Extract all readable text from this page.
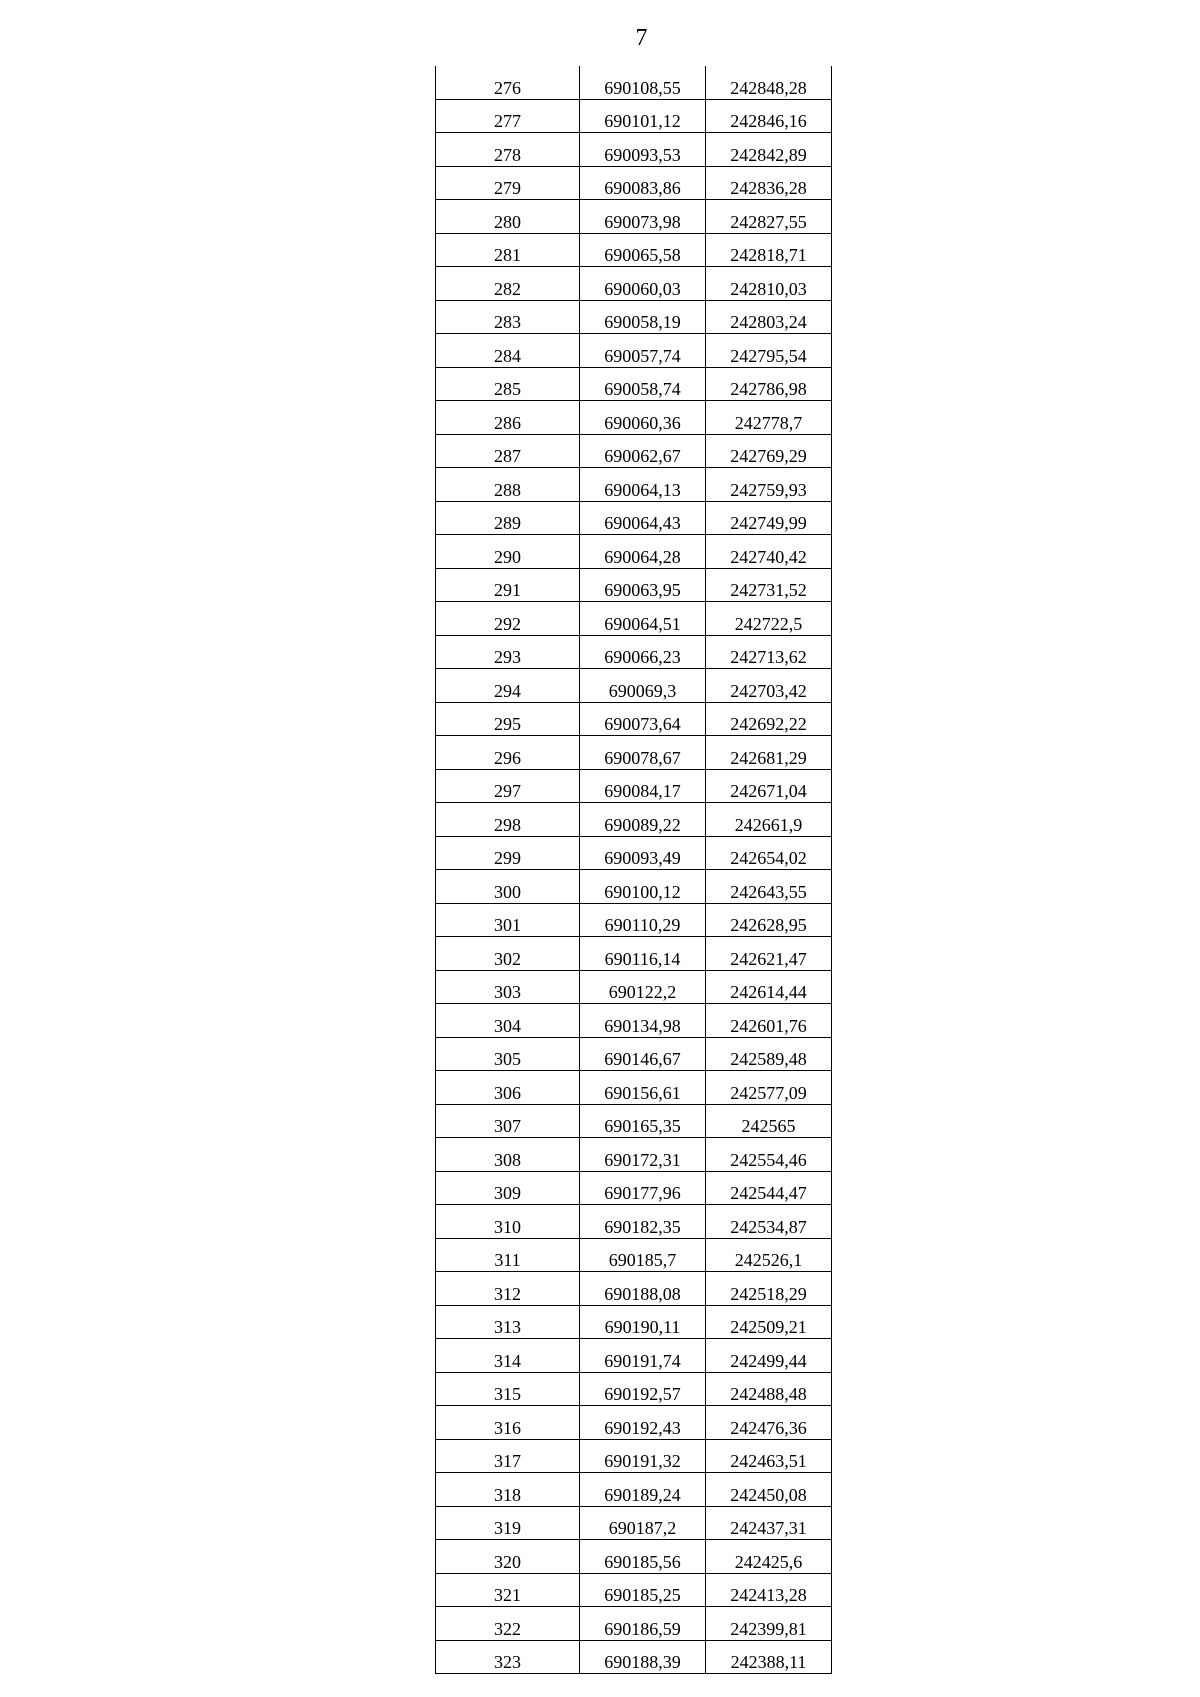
7
276	690108,55	242848,28
277	690101,12	242846,16
278	690093,53	242842,89
279	690083,86	242836,28
280	690073,98	242827,55
281	690065,58	242818,71
282	690060,03	242810,03
283	690058,19	242803,24
284	690057,74	242795,54
285	690058,74	242786,98
286	690060,36	242778,7
287	690062,67	242769,29
288	690064,13	242759,93
289	690064,43	242749,99
290	690064,28	242740,42
291	690063,95	242731,52
292	690064,51	242722,5
293	690066,23	242713,62
294	690069,3	242703,42
295	690073,64	242692,22
296	690078,67	242681,29
297	690084,17	242671,04
298	690089,22	242661,9
299	690093,49	242654,02
300	690100,12	242643,55
301	690110,29	242628,95
302	690116,14	242621,47
303	690122,2	242614,44
304	690134,98	242601,76
305	690146,67	242589,48
306	690156,61	242577,09
307	690165,35	242565
308	690172,31	242554,46
309	690177,96	242544,47
310	690182,35	242534,87
311	690185,7	242526,1
312	690188,08	242518,29
313	690190,11	242509,21
314	690191,74	242499,44
315	690192,57	242488,48
316	690192,43	242476,36
317	690191,32	242463,51
318	690189,24	242450,08
319	690187,2	242437,31
320	690185,56	242425,6
321	690185,25	242413,28
322	690186,59	242399,81
323	690188,39	242388,11
